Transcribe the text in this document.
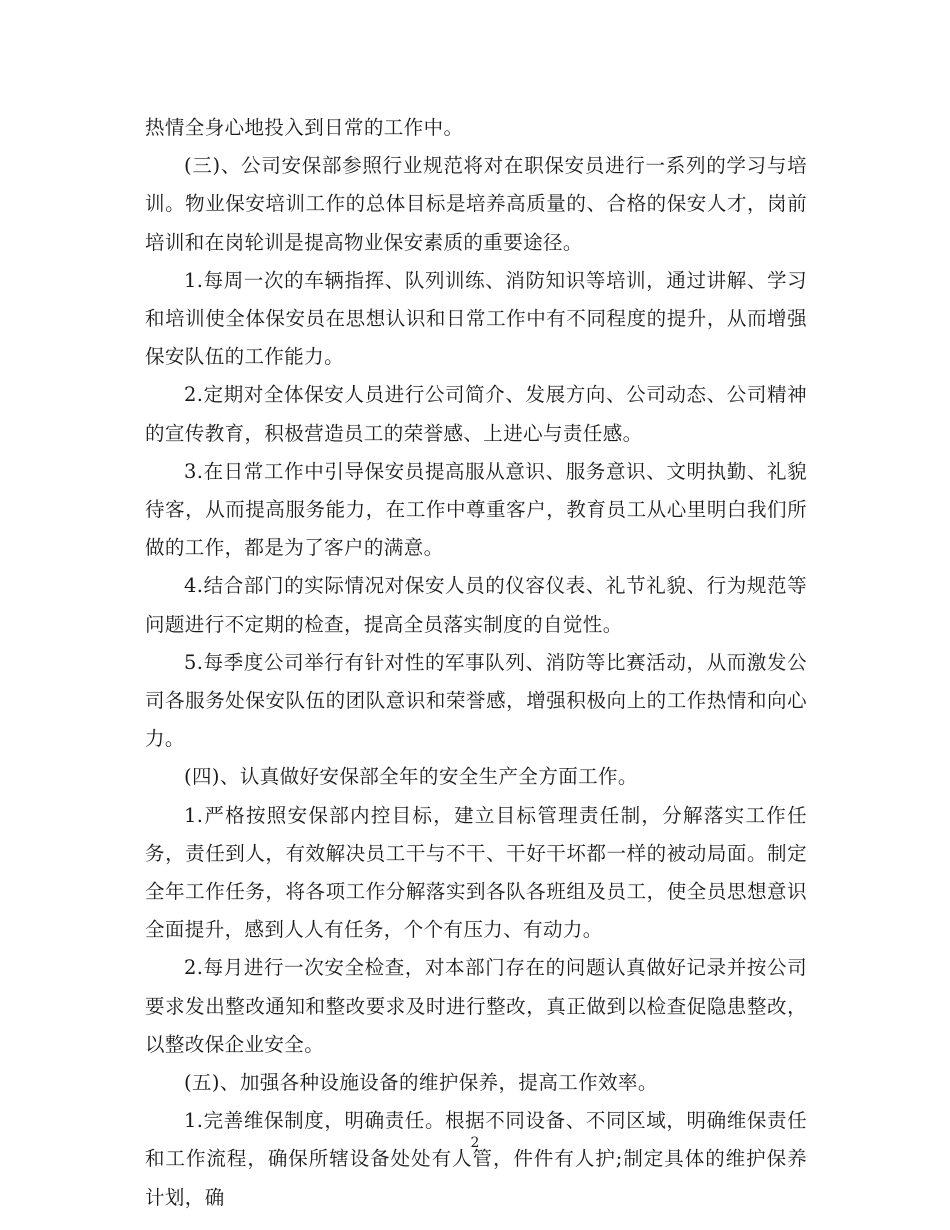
热情全身心地投入到日常的工作中。

(三)、公司安保部参照行业规范将对在职保安员进行一系列的学习与培训。物业保安培训工作的总体目标是培养高质量的、合格的保安人才，岗前培训和在岗轮训是提高物业保安素质的重要途径。

1.每周一次的车辆指挥、队列训练、消防知识等培训，通过讲解、学习和培训使全体保安员在思想认识和日常工作中有不同程度的提升，从而增强保安队伍的工作能力。

2.定期对全体保安人员进行公司简介、发展方向、公司动态、公司精神的宣传教育，积极营造员工的荣誉感、上进心与责任感。

3.在日常工作中引导保安员提高服从意识、服务意识、文明执勤、礼貌待客，从而提高服务能力，在工作中尊重客户，教育员工从心里明白我们所做的工作，都是为了客户的满意。

4.结合部门的实际情况对保安人员的仪容仪表、礼节礼貌、行为规范等问题进行不定期的检查，提高全员落实制度的自觉性。

5.每季度公司举行有针对性的军事队列、消防等比赛活动，从而激发公司各服务处保安队伍的团队意识和荣誉感，增强积极向上的工作热情和向心力。

(四)、认真做好安保部全年的安全生产全方面工作。

1.严格按照安保部内控目标，建立目标管理责任制，分解落实工作任务，责任到人，有效解决员工干与不干、干好干坏都一样的被动局面。制定全年工作任务，将各项工作分解落实到各队各班组及员工，使全员思想意识全面提升，感到人人有任务，个个有压力、有动力。

2.每月进行一次安全检查，对本部门存在的问题认真做好记录并按公司要求发出整改通知和整改要求及时进行整改，真正做到以检查促隐患整改，以整改保企业安全。

(五)、加强各种设施设备的维护保养，提高工作效率。

1.完善维保制度，明确责任。根据不同设备、不同区域，明确维保责任和工作流程，确保所辖设备处处有人管，件件有人护;制定具体的维护保养计划，确

2
